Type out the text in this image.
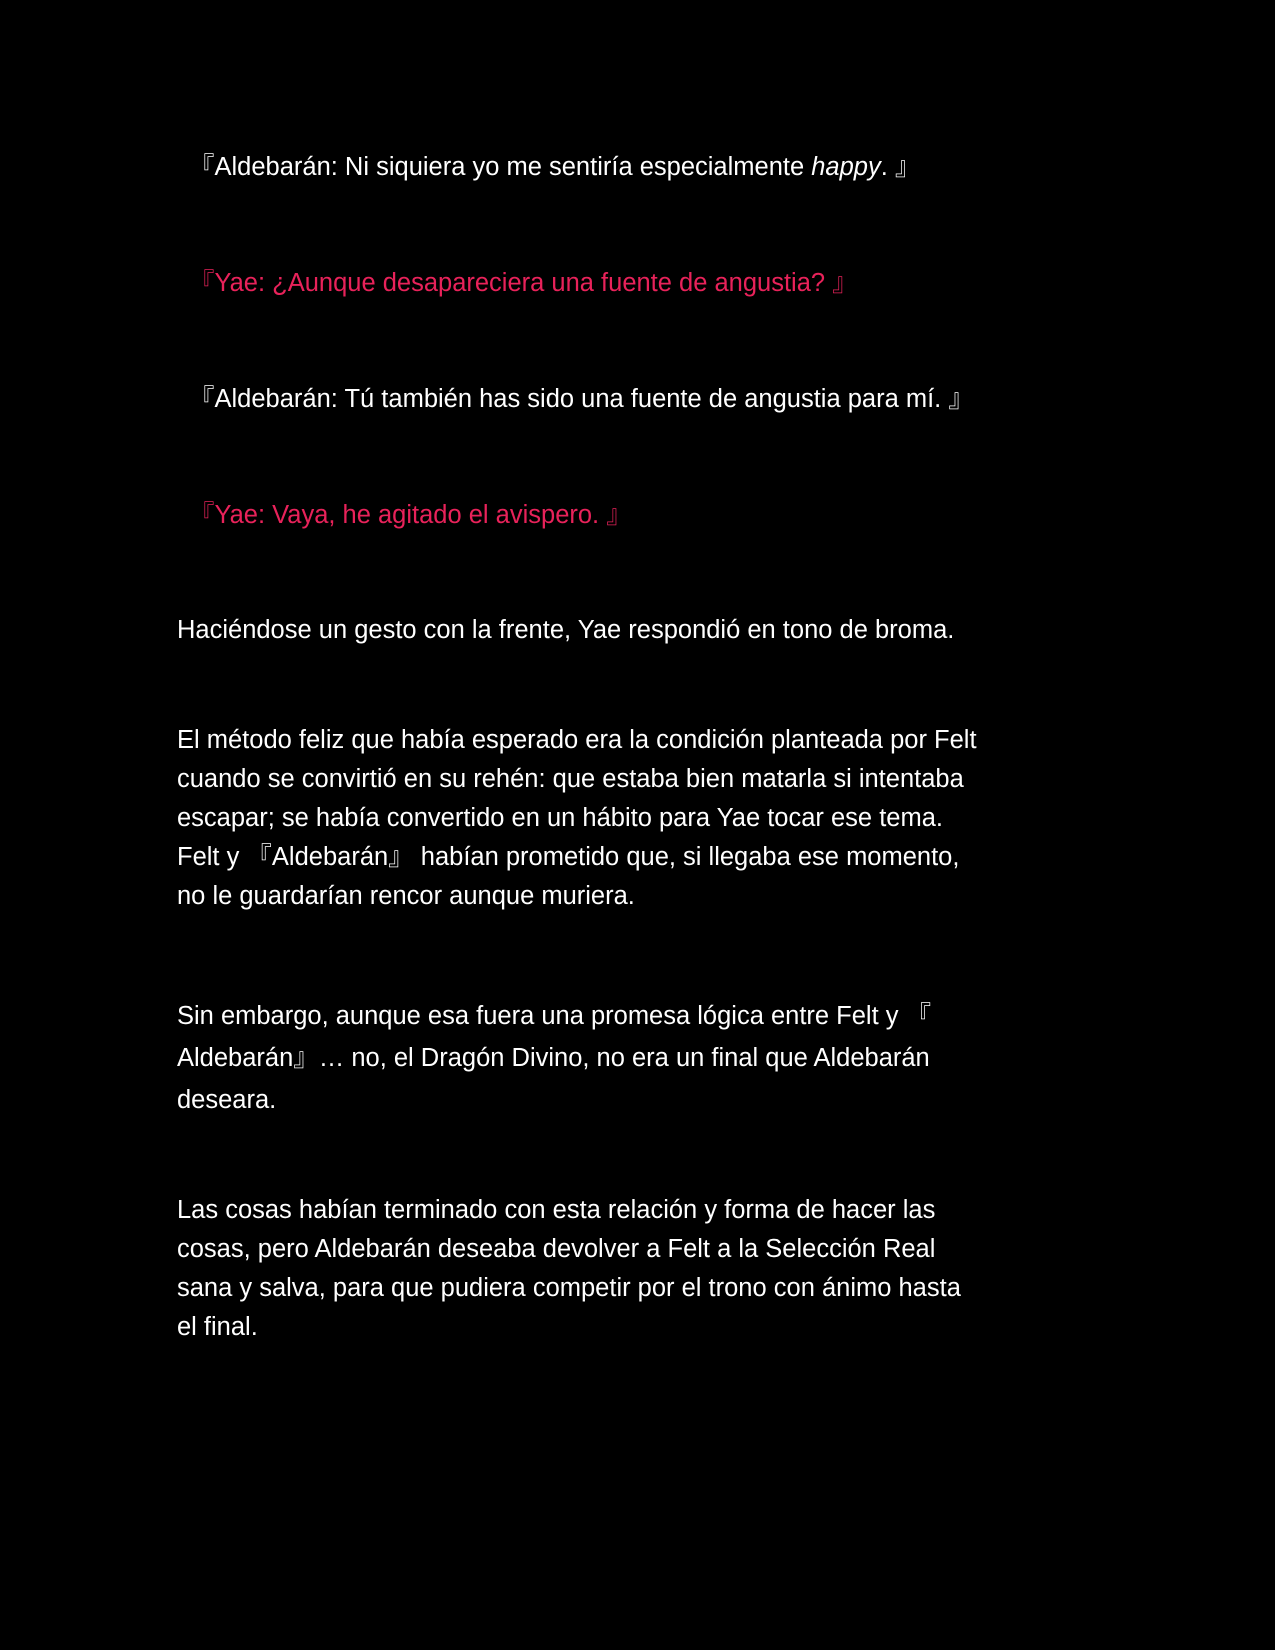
『Aldebarán: Ni siquiera yo me sentiría especialmente happy. 』

『Yae: ¿Aunque desapareciera una fuente de angustia? 』

『Aldebarán: Tú también has sido una fuente de angustia para mí. 』

『Yae: Vaya, he agitado el avispero. 』

Haciéndose un gesto con la frente, Yae respondió en tono de broma.

El método feliz que había esperado era la condición planteada por Felt
cuando se convirtió en su rehén: que estaba bien matarla si intentaba
escapar; se había convertido en un hábito para Yae tocar ese tema.
Felt y 『Aldebarán』 habían prometido que, si llegaba ese momento,
no le guardarían rencor aunque muriera.

Sin embargo, aunque esa fuera una promesa lógica entre Felt y 『
Aldebarán』… no, el Dragón Divino, no era un final que Aldebarán
deseara.

Las cosas habían terminado con esta relación y forma de hacer las
cosas, pero Aldebarán deseaba devolver a Felt a la Selección Real
sana y salva, para que pudiera competir por el trono con ánimo hasta
el final.
